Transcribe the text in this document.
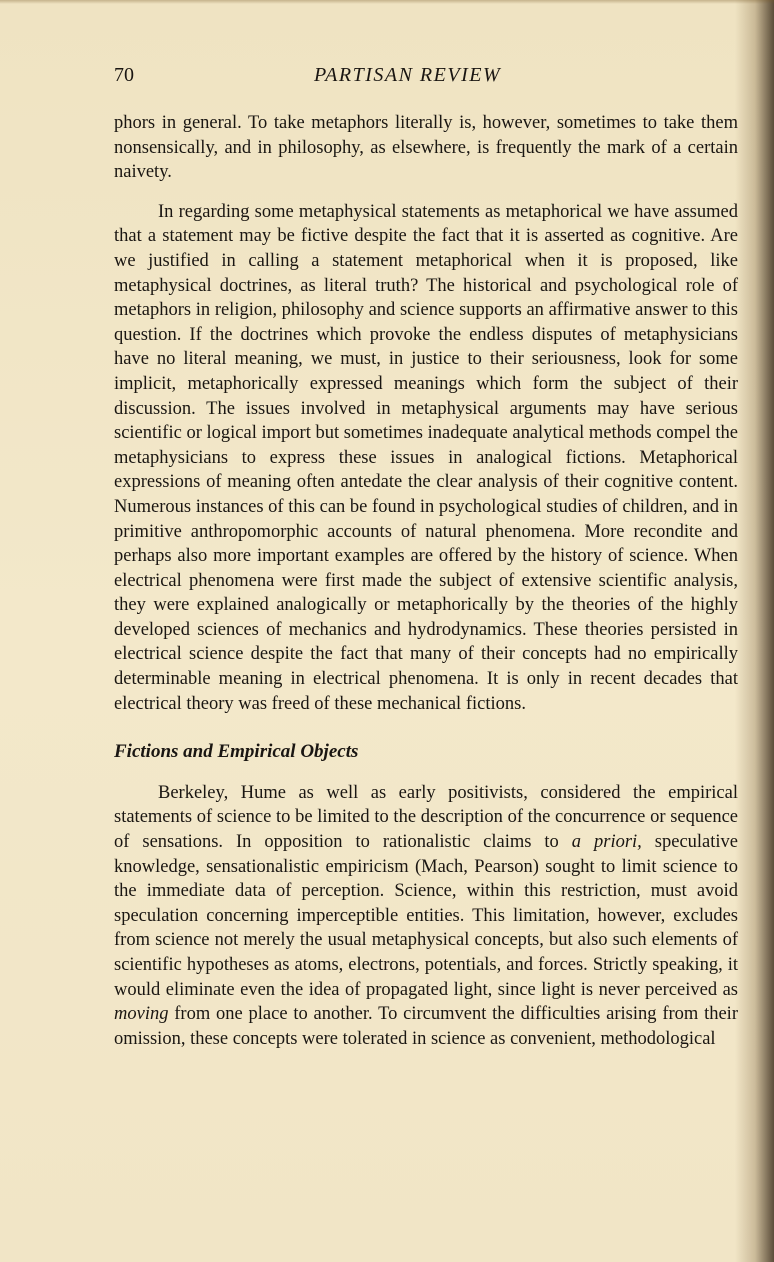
70	PARTISAN REVIEW

phors in general. To take metaphors literally is, however, sometimes to take them nonsensically, and in philosophy, as elsewhere, is frequently the mark of a certain naivety.

In regarding some metaphysical statements as metaphorical we have assumed that a statement may be fictive despite the fact that it is asserted as cognitive. Are we justified in calling a statement metaphorical when it is proposed, like metaphysical doctrines, as literal truth? The historical and psychological role of metaphors in religion, philosophy and science supports an affirmative answer to this question. If the doctrines which provoke the endless disputes of metaphysicians have no literal meaning, we must, in justice to their seriousness, look for some implicit, metaphorically expressed meanings which form the subject of their discussion. The issues involved in metaphysical arguments may have serious scientific or logical import but sometimes inadequate analytical methods compel the metaphysicians to express these issues in analogical fictions. Metaphorical expressions of meaning often antedate the clear analysis of their cognitive content. Numerous instances of this can be found in psychological studies of children, and in primitive anthropomorphic accounts of natural phenomena. More recondite and perhaps also more important examples are offered by the history of science. When electrical phenomena were first made the subject of extensive scientific analysis, they were explained analogically or metaphorically by the theories of the highly developed sciences of mechanics and hydrodynamics. These theories persisted in electrical science despite the fact that many of their concepts had no empirically determinable meaning in electrical phenomena. It is only in recent decades that electrical theory was freed of these mechanical fictions.

Fictions and Empirical Objects

Berkeley, Hume as well as early positivists, considered the empirical statements of science to be limited to the description of the concurrence or sequence of sensations. In opposition to rationalistic claims to a priori, speculative knowledge, sensationalistic empiricism (Mach, Pearson) sought to limit science to the immediate data of perception. Science, within this restriction, must avoid speculation concerning imperceptible entities. This limitation, however, excludes from science not merely the usual metaphysical concepts, but also such elements of scientific hypotheses as atoms, electrons, potentials, and forces. Strictly speaking, it would eliminate even the idea of propagated light, since light is never perceived as moving from one place to another. To circumvent the difficulties arising from their omission, these concepts were tolerated in science as convenient, methodological
